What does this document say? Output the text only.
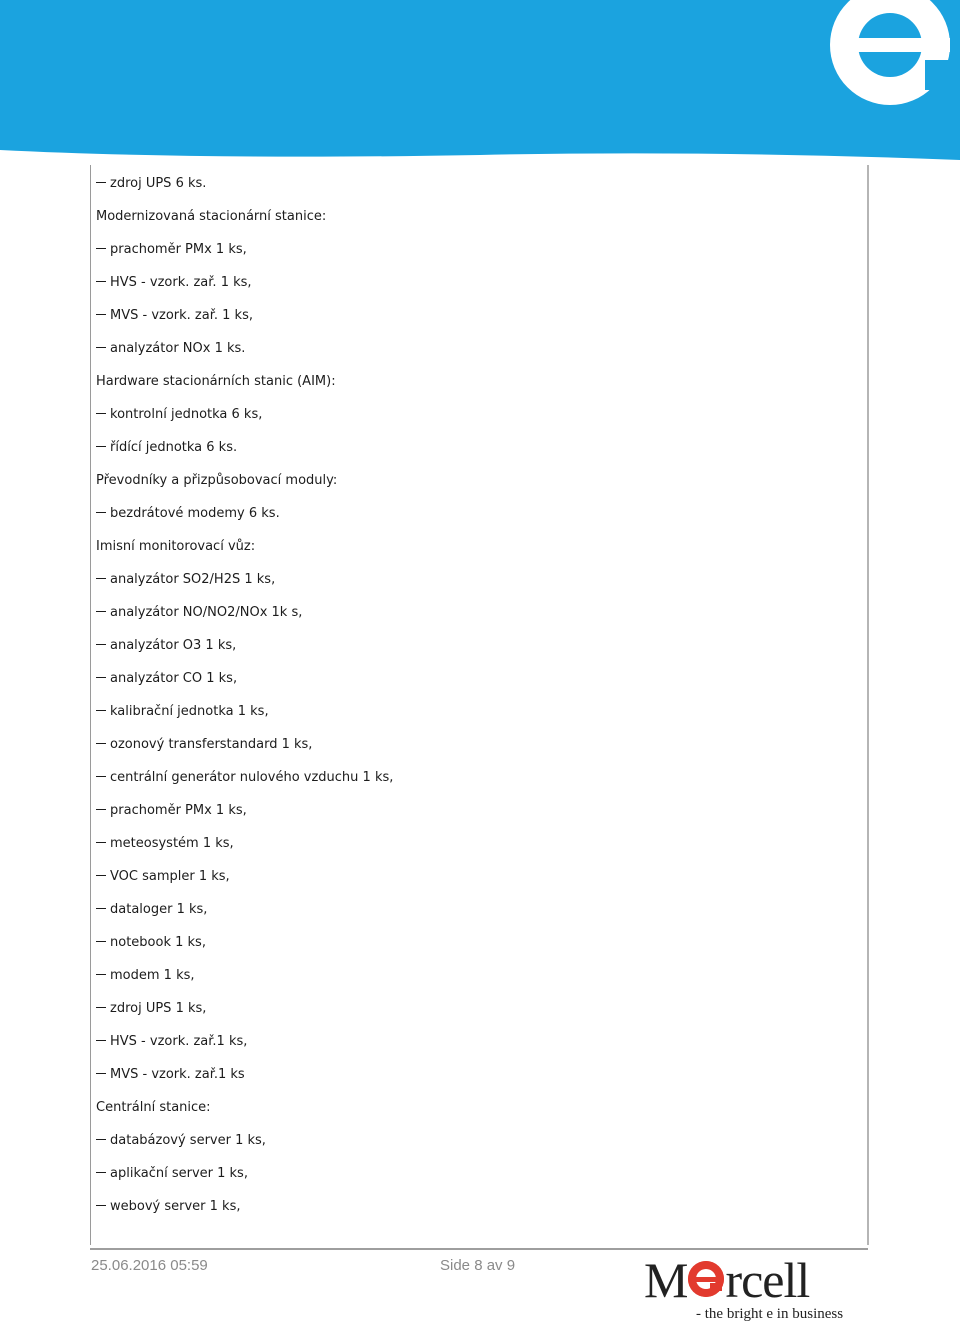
zdroj UPS 6 ks.
Modernizovaná stacionární stanice:
prachoměr PMx 1 ks,
HVS - vzork. zař. 1 ks,
MVS - vzork. zař. 1 ks,
analyzátor NOx 1 ks.
Hardware stacionárních stanic (AIM):
kontrolní jednotka 6 ks,
řídící jednotka 6 ks.
Převodníky a přizpůsobovací moduly:
bezdrátové modemy 6 ks.
Imisní monitorovací vůz:
analyzátor SO2/H2S 1 ks,
analyzátor NO/NO2/NOx 1k s,
analyzátor O3 1 ks,
analyzátor CO 1 ks,
kalibrační jednotka 1 ks,
ozonový transferstandard 1 ks,
centrální generátor nulového vzduchu 1 ks,
prachoměr PMx 1 ks,
meteosystém 1 ks,
VOC sampler 1 ks,
dataloger 1 ks,
notebook 1 ks,
modem 1 ks,
zdroj UPS 1 ks,
HVS - vzork. zař.1 ks,
MVS - vzork. zař.1 ks
Centrální stanice:
databázový server 1 ks,
aplikační server 1 ks,
webový server 1 ks,
25.06.2016 05:59	Side 8 av 9	M rcell
- the bright e in business
